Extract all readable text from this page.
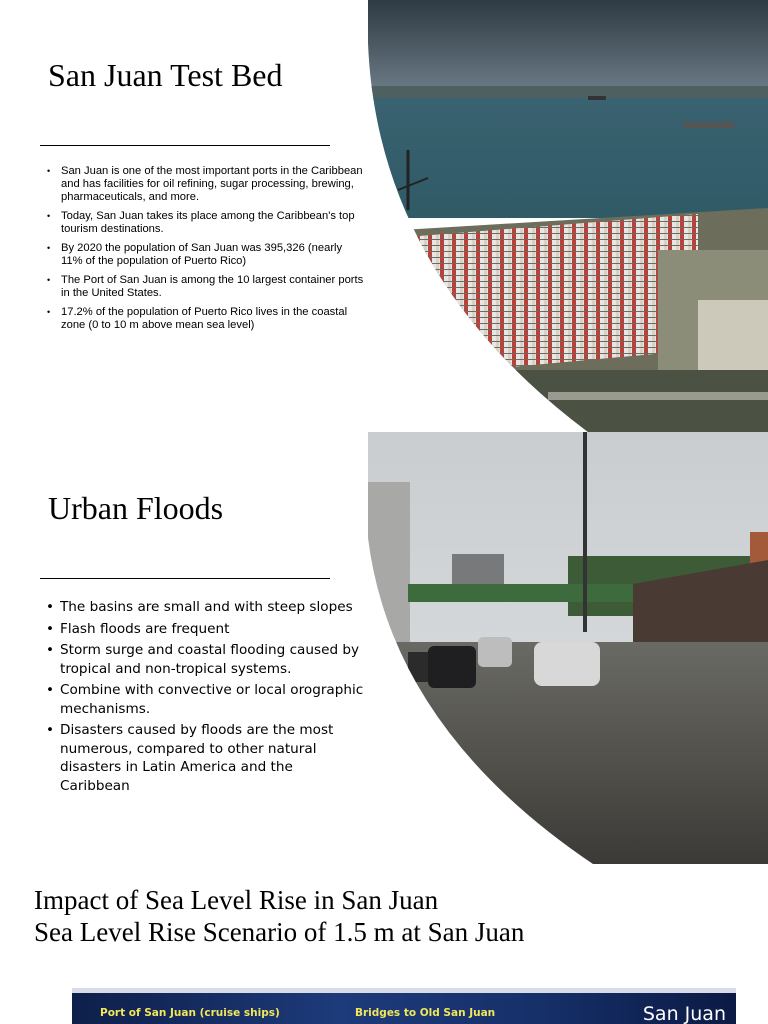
San Juan Test Bed
• San Juan is one of the most important ports in the Caribbean and has facilities for oil refining, sugar processing, brewing, pharmaceuticals, and more.
• Today, San Juan takes its place among the Caribbean's top tourism destinations.
• By 2020 the population of San Juan was 395,326 (nearly 11% of the population of Puerto Rico)
• The Port of San Juan is among the 10 largest container ports in the United States.
• 17.2% of the population of Puerto Rico lives in the coastal zone (0 to 10 m above mean sea level)
Urban Floods
• The basins are small and with steep slopes
• Flash floods are frequent
• Storm surge and coastal flooding caused by tropical and non-tropical systems.
• Combine with convective or local orographic mechanisms.
• Disasters caused by floods are the most numerous, compared to other natural disasters in Latin America and the Caribbean
Impact of Sea Level Rise in San Juan
Sea Level Rise Scenario of 1.5 m at San Juan
Port of San Juan (cruise ships)	Bridges to Old San Juan	San Juan
